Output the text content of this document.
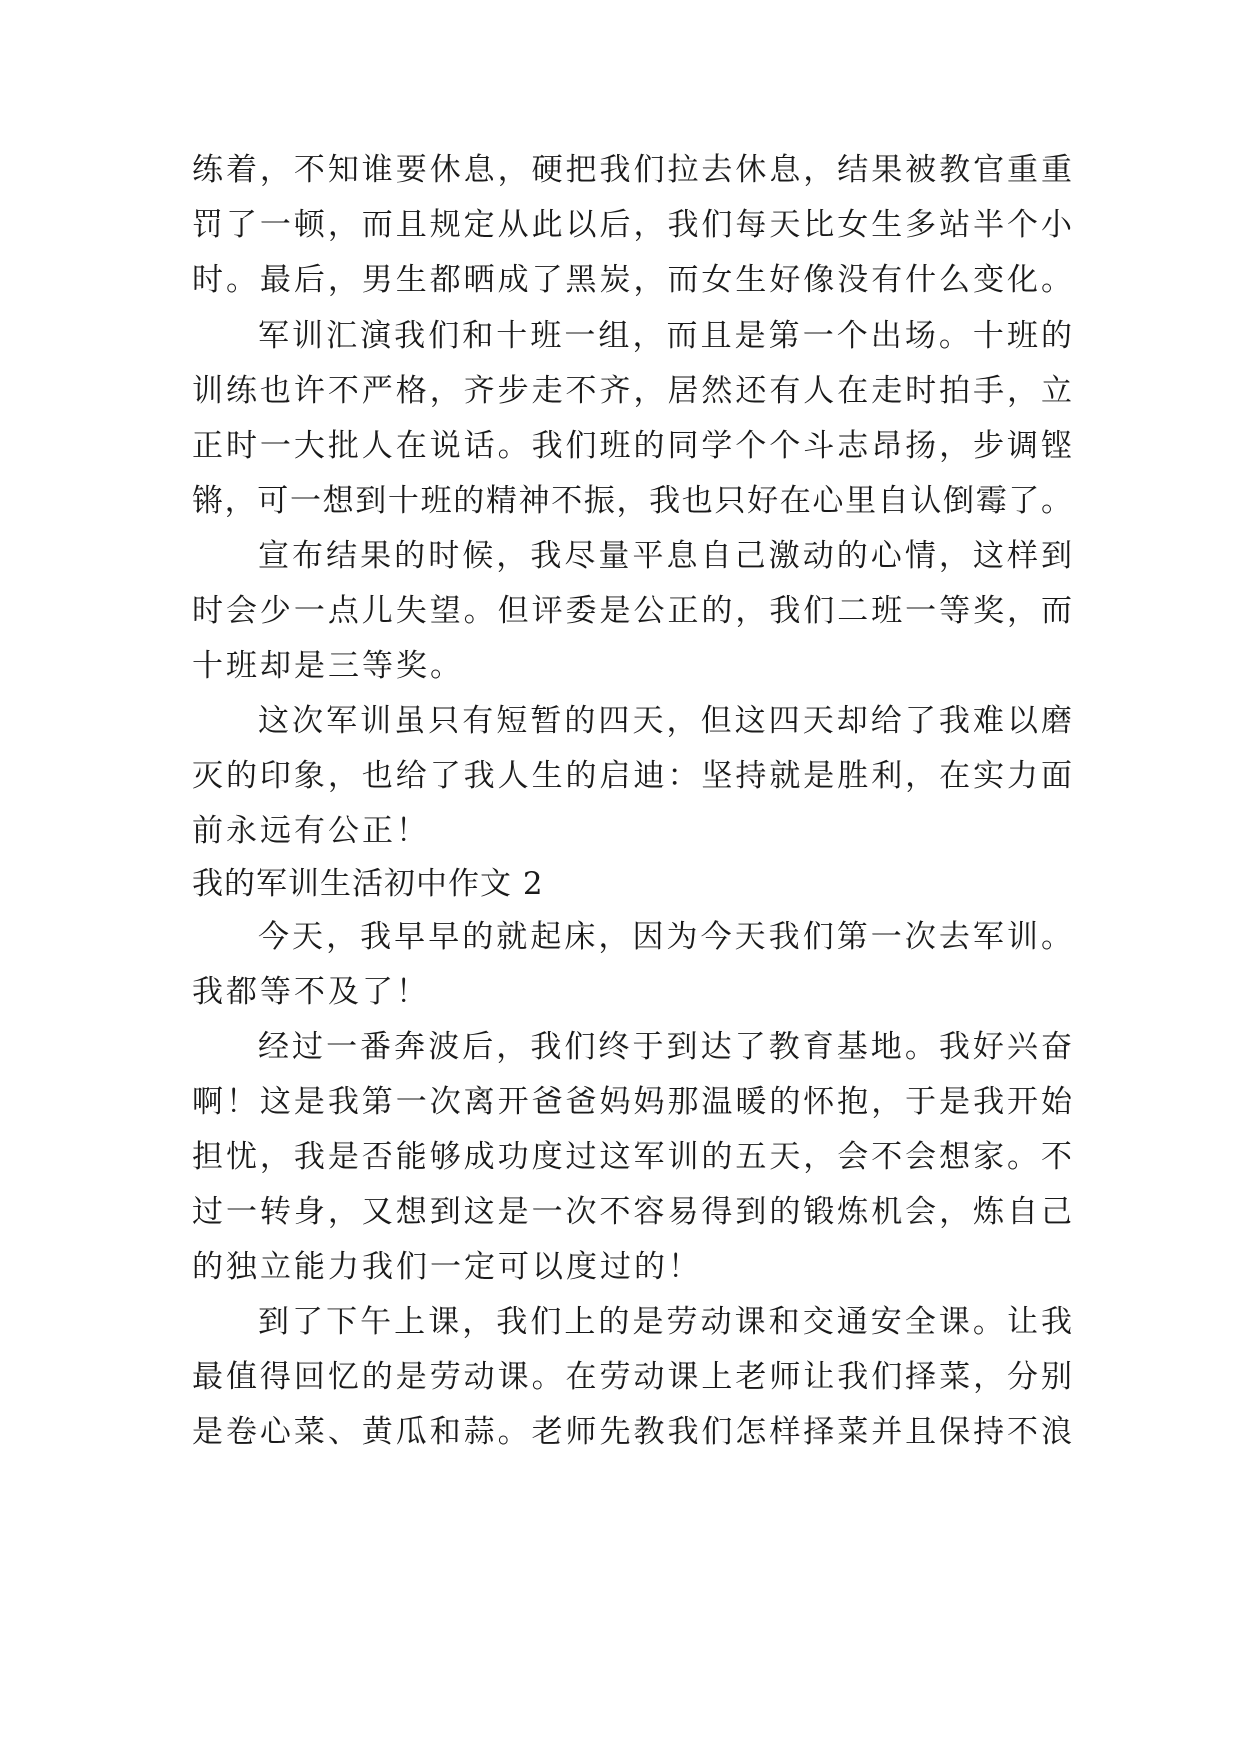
练着，不知谁要休息，硬把我们拉去休息，结果被教官重重
罚了一顿，而且规定从此以后，我们每天比女生多站半个小
时。最后，男生都晒成了黑炭，而女生好像没有什么变化。
军训汇演我们和十班一组，而且是第一个出场。十班的
训练也许不严格，齐步走不齐，居然还有人在走时拍手，立
正时一大批人在说话。我们班的同学个个斗志昂扬，步调铿
锵，可一想到十班的精神不振，我也只好在心里自认倒霉了。
宣布结果的时候，我尽量平息自己激动的心情，这样到
时会少一点儿失望。但评委是公正的，我们二班一等奖，而
十班却是三等奖。
这次军训虽只有短暂的四天，但这四天却给了我难以磨
灭的印象，也给了我人生的启迪：坚持就是胜利，在实力面
前永远有公正！
我的军训生活初中作文 2
今天，我早早的就起床，因为今天我们第一次去军训。
我都等不及了！
经过一番奔波后，我们终于到达了教育基地。我好兴奋
啊！这是我第一次离开爸爸妈妈那温暖的怀抱，于是我开始
担忧，我是否能够成功度过这军训的五天，会不会想家。不
过一转身，又想到这是一次不容易得到的锻炼机会，炼自己
的独立能力我们一定可以度过的！
到了下午上课，我们上的是劳动课和交通安全课。让我
最值得回忆的是劳动课。在劳动课上老师让我们择菜，分别
是卷心菜、黄瓜和蒜。老师先教我们怎样择菜并且保持不浪
